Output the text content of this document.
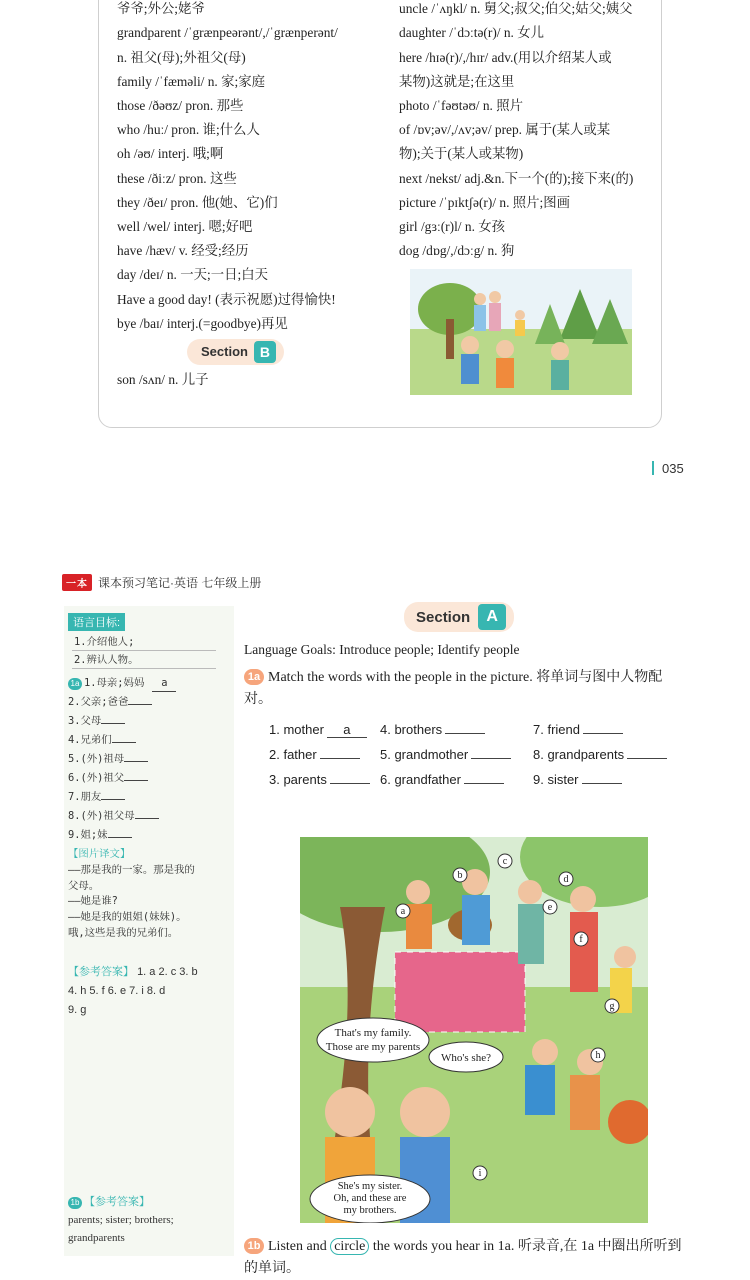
爷爷;外公;姥爷
grandparent /ˈgrænpeərənt/,/ˈgrænperənt/
n. 祖父(母);外祖父(母)
family /ˈfæməli/ n. 家;家庭
those /ðəʊz/ pron. 那些
who /huː/ pron. 谁;什么人
oh /əʊ/ interj. 哦;啊
these /ðiːz/ pron. 这些
they /ðeɪ/ pron. 他(她、它)们
well /wel/ interj. 嗯;好吧
have /hæv/ v. 经受;经历
day /deɪ/ n. 一天;一日;白天
Have a good day! (表示祝愿)过得愉快!
bye /baɪ/ interj.(=goodbye)再见
Section B
son /sʌn/ n. 儿子
uncle /ˈʌŋkl/ n. 舅父;叔父;伯父;姑父;姨父
daughter /ˈdɔːtə(r)/ n. 女儿
here /hɪə(r)/,/hɪr/ adv.(用以介绍某人或
某物)这就是;在这里
photo /ˈfəʊtəʊ/ n. 照片
of /ɒv;əv/,/ʌv;əv/ prep. 属于(某人或某
物);关于(某人或某物)
next /nekst/ adj.&n.下一个(的);接下来(的)
picture /ˈpɪktʃə(r)/ n. 照片;图画
girl /gɜː(r)l/ n. 女孩
dog /dɒg/,/dɔːg/ n. 狗
035
一本 课本预习笔记·英语 七年级上册
语言目标:
1.介绍他人;
2.辨认人物。
1a 1.母亲;妈妈 a
2.父亲;爸爸
3.父母
4.兄弟们
5.(外)祖母
6.(外)祖父
7.朋友
8.(外)祖父母
9.姐;妹
【图片译文】
——那是我的一家。那是我的
父母。
——她是谁?
——她是我的姐姐(妹妹)。
哦,这些是我的兄弟们。
【参考答案】 1. a 2. c 3. b
4. h 5. f 6. e 7. i 8. d
9. g
1b 【参考答案】
parents; sister; brothers;
grandparents
Section	A
Language Goals: Introduce people; Identify people
1a Match the words with the people in the picture. 将单词与图中人物配对。
1. mother a	4. brothers	7. friend
2. father	5. grandmother	8. grandparents
3. parents	6. grandfather	9. sister
That's my family.
Those are my parents
Who's she?
She's my sister.
Oh, and these are
my brothers.
a
b
c
d
e
f
g
h
i
1b Listen and circle the words you hear in 1a. 听录音,在 1a 中圈出所听到的单词。
